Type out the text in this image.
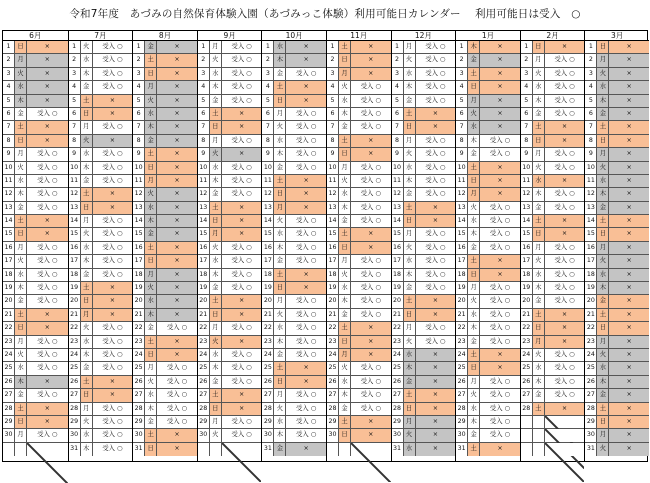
令和7年度　あづみの自然保育体験入園（あづみっこ体験）利用可能日カレンダー　 利用可能日は受入　○
6月
1	日	×
2	月	×
3	火	×
4	水	×
5	木	×
6	金	受入 ○
7	土	×
8	日	×
9	月	受入 ○
10 火	受入 ○
11 水	受入 ○
12 木	受入 ○
13 金	受入 ○
14 土	×
15 日	×
16 月	受入 ○
17 火	受入 ○
18 水	受入 ○
19 木	受入 ○
20 金	受入 ○
21 土	×
22 日	×
23 月	受入 ○
24 火	受入 ○
25 水	受入 ○
26 木	×
27 金	受入 ○
28 土	×
29 日	×
30 月	受入 ○
7月
1	火	受入 ○
2	水	受入 ○
3	木	受入 ○
4	金	受入 ○
5	土	×
6	日	×
7	月	受入 ○
8	火	×
9	水	受入 ○
10 木	受入 ○
11 金	受入 ○
12 土	×
13 日	×
14 月	受入 ○
15 火	受入 ○
16 水	受入 ○
17 木	受入 ○
18 金	受入 ○
19 土	×
20 日	×
21 月	×
22 火	受入 ○
23 水	受入 ○
24 木	受入 ○
25 金	受入 ○
26 土	×
27 日	×
28 月	受入 ○
29 火	受入 ○
30 水	受入 ○
31 木	受入 ○
8月
1	金	×
2	土	×
3	日	×
4	月	×
5	火	×
6	水	×
7	木	×
8	金	×
9	土	×
10 日	×
11 月	×
12 火	×
13 水	×
14 木	×
15 金	×
16 土	×
17 日	×
18 月	×
19 火	×
20 水	×
21 木	×
22 金	受入 ○
23 土	×
24 日	×
25 月	受入 ○
26 火	受入 ○
27 水	受入 ○
28 木	受入 ○
29 金	受入 ○
30 土	×
31 日	×
9月
1	月	受入 ○
2	火	受入 ○
3	水	受入 ○
4	木	受入 ○
5	金	受入 ○
6	土	×
7	日	×
8	月	受入 ○
9	火	×
10 水	受入 ○
11 木	受入 ○
12 金	受入 ○
13 土	×
14 日	×
15 月	×
16 火	受入 ○
17 水	受入 ○
18 木	受入 ○
19 金	受入 ○
20 土	×
21 日	×
22 月	受入 ○
23 火	×
24 水	受入 ○
25 木	受入 ○
26 金	受入 ○
27 土	×
28 日	×
29 月	受入 ○
30 火	受入 ○
10月
1	水	×
2	木	×
3	金	受入 ○
4	土	×
5	日	×
6	月	受入 ○
7	火	受入 ○
8	水	受入 ○
9	木	受入 ○
10 金	受入 ○
11 土	×
12 日	×
13 月	×
14 火	受入 ○
15 水	受入 ○
16 木	受入 ○
17 金	受入 ○
18 土	×
19 日	×
20 月	受入 ○
21 火	受入 ○
22 水	受入 ○
23 木	受入 ○
24 金	受入 ○
25 土	×
26 日	×
27 月	受入 ○
28 火	受入 ○
29 水	受入 ○
30 木	受入 ○
31 金	×
11月
1	土	×
2	日	×
3	月	×
4	火	受入 ○
5	水	受入 ○
6	木	受入 ○
7	金	受入 ○
8	土	×
9	日	×
10 月	受入 ○
11 火	受入 ○
12 水	受入 ○
13 木	受入 ○
14 金	受入 ○
15 土	×
16 日	×
17 月	受入 ○
18 火	受入 ○
19 水	受入 ○
20 木	受入 ○
21 金	受入 ○
22 土	×
23 日	×
24 月	×
25 火	受入 ○
26 水	受入 ○
27 木	受入 ○
28 金	受入 ○
29 土	×
30 日	×
12月
1	月	受入 ○
2	火	受入 ○
3	水	受入 ○
4	木	受入 ○
5	金	受入 ○
6	土	×
7	日	×
8	月	受入 ○
9	火	受入 ○
10 水	受入 ○
11 木	受入 ○
12 金	受入 ○
13 土	×
14 日	×
15 月	受入 ○
16 火	受入 ○
17 水	受入 ○
18 木	受入 ○
19 金	受入 ○
20 土	×
21 日	×
22 月	受入 ○
23 火	受入 ○
24 水	×
25 木	×
26 金	×
27 土	×
28 日	×
29 月	×
30 火	×
31 水	×
1月
1	木	×
2	金	×
3	土	×
4	日	×
5	月	×
6	火	×
7	水	×
8	木	受入 ○
9	金	受入 ○
10 土	×
11 日	×
12 月	×
13 火	受入 ○
14 水	受入 ○
15 木	受入 ○
16 金	受入 ○
17 土	×
18 日	×
19 月	受入 ○
20 火	受入 ○
21 水	受入 ○
22 木	受入 ○
23 金	受入 ○
24 土	×
25 日	×
26 月	受入 ○
27 火	受入 ○
28 水	受入 ○
29 木	受入 ○
30 金	受入 ○
31 土	×
2月
1	日	×
2	月	受入 ○
3	火	受入 ○
4	水	受入 ○
5	木	受入 ○
6	金	受入 ○
7	土	×
8	日	×
9	月	受入 ○
10 火	受入 ○
11 水	×
12 木	受入 ○
13 金	受入 ○
14 土	×
15 日	×
16 月	受入 ○
17 火	受入 ○
18 水	受入 ○
19 木	受入 ○
20 金	受入 ○
21 土	×
22 日	×
23 月	×
24 火	受入 ○
25 水	受入 ○
26 木	受入 ○
27 金	受入 ○
28 土	×
3月
1	日	×
2	月	×
3	火	×
4	水	×
5	木	×
6	金	×
7	土	×
8	日	×
9	月	×
10 火	×
11 水	×
12 木	×
13 金	×
14 土	×
15 日	×
16 月	×
17 火	×
18 水	×
19 木	×
20 金	×
21 土	×
22 日	×
23 月	×
24 火	×
25 水	×
26 木	×
27 金	×
28 土	×
29 日	×
30 月	×
31 火	×
